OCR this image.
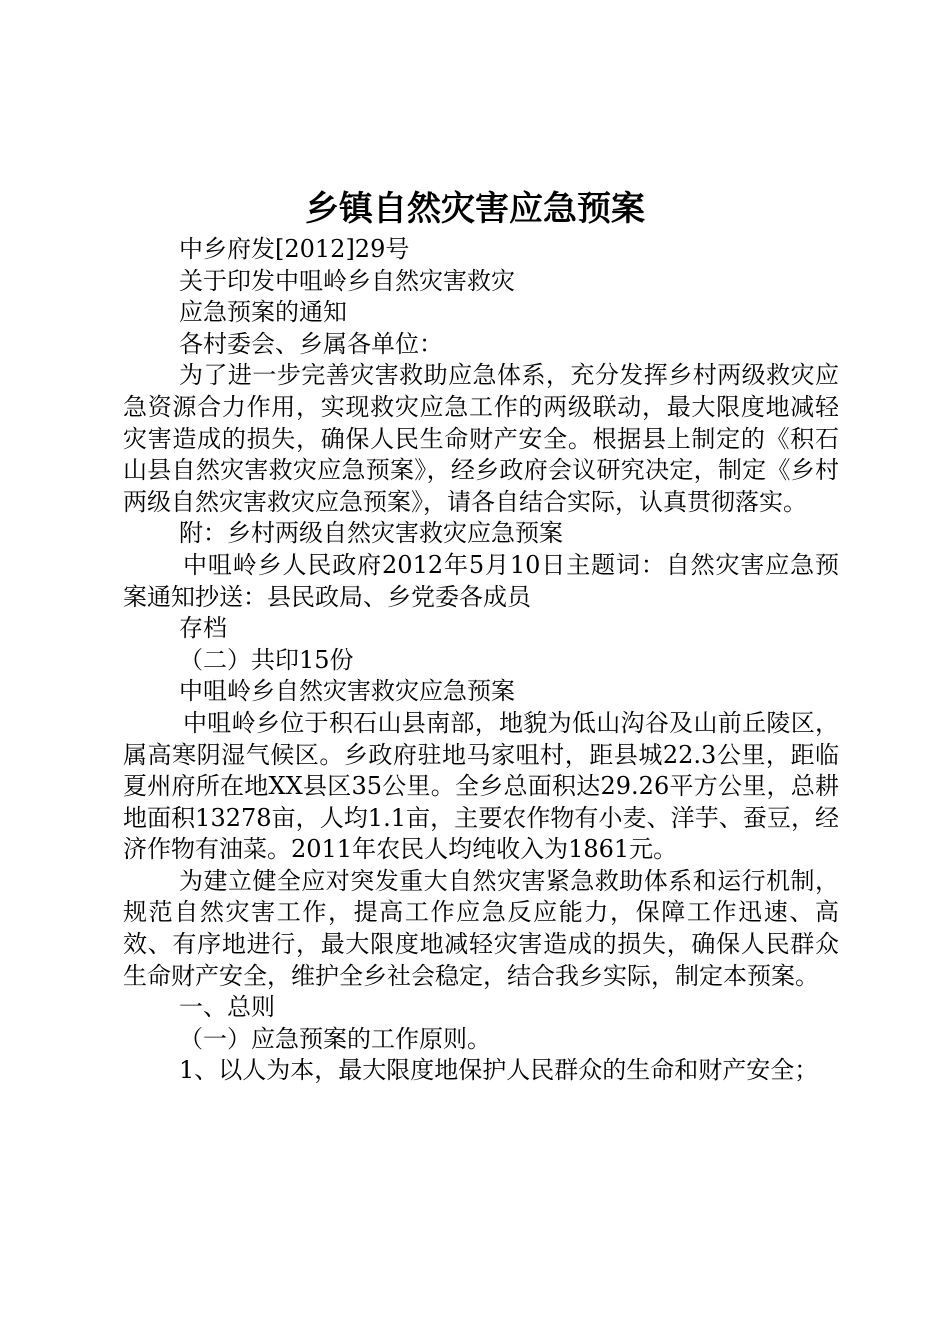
乡镇自然灾害应急预案

中乡府发[2012]29号

关于印发中咀岭乡自然灾害救灾

应急预案的通知

各村委会、乡属各单位：

为了进一步完善灾害救助应急体系，充分发挥乡村两级救灾应急资源合力作用，实现救灾应急工作的两级联动，最大限度地减轻灾害造成的损失，确保人民生命财产安全。根据县上制定的《积石山县自然灾害救灾应急预案》，经乡政府会议研究决定，制定《乡村两级自然灾害救灾应急预案》，请各自结合实际，认真贯彻落实。

附：乡村两级自然灾害救灾应急预案

中咀岭乡人民政府2012年5月10日主题词：自然灾害应急预案通知抄送：县民政局、乡党委各成员

存档

（二）共印15份

中咀岭乡自然灾害救灾应急预案

中咀岭乡位于积石山县南部，地貌为低山沟谷及山前丘陵区，属高寒阴湿气候区。乡政府驻地马家咀村，距县城22.3公里，距临夏州府所在地XX县区35公里。全乡总面积达29.26平方公里，总耕地面积13278亩，人均1.1亩，主要农作物有小麦、洋芋、蚕豆，经济作物有油菜。2011年农民人均纯收入为1861元。

为建立健全应对突发重大自然灾害紧急救助体系和运行机制，规范自然灾害工作，提高工作应急反应能力，保障工作迅速、高效、有序地进行，最大限度地减轻灾害造成的损失，确保人民群众生命财产安全，维护全乡社会稳定，结合我乡实际，制定本预案。

一、总则

（一）应急预案的工作原则。

1、以人为本，最大限度地保护人民群众的生命和财产安全；
